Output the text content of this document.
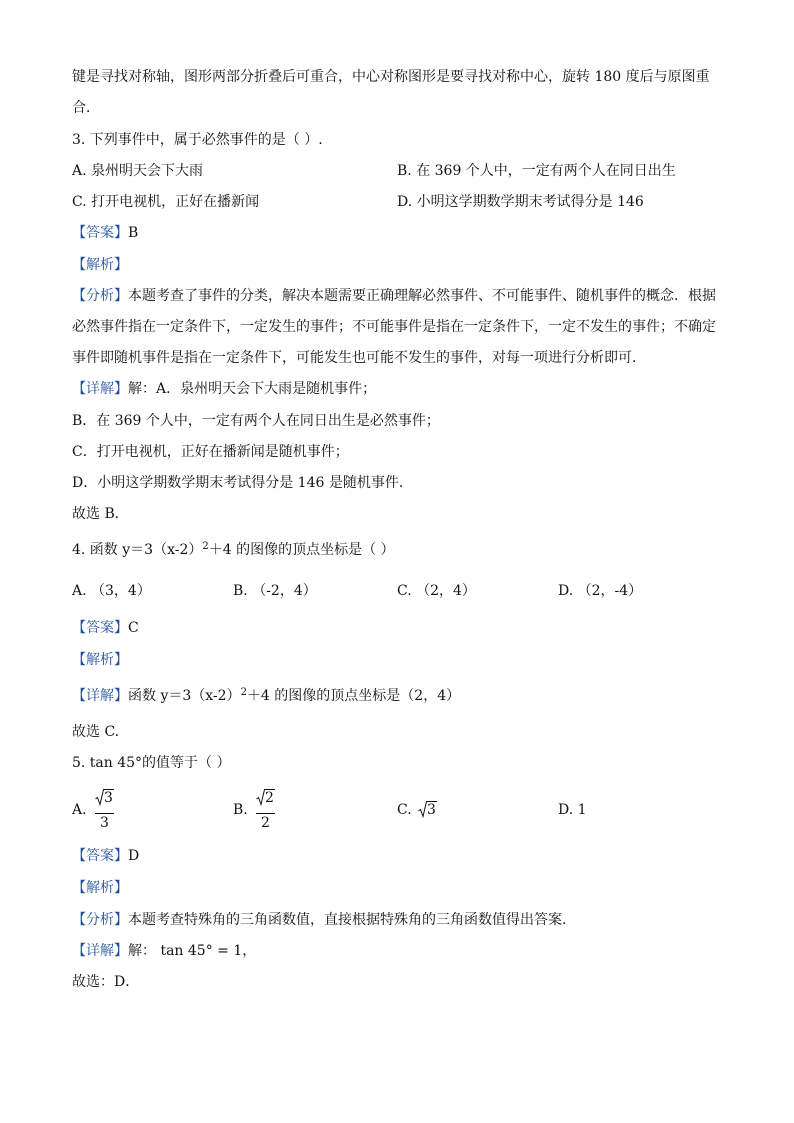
键是寻找对称轴，图形两部分折叠后可重合，中心对称图形是要寻找对称中心，旋转 180 度后与原图重
合．
3. 下列事件中，属于必然事件的是（ ）.
A. 泉州明天会下大雨	B. 在 369 个人中，一定有两个人在同日出生
C. 打开电视机，正好在播新闻	D. 小明这学期数学期末考试得分是 146
【答案】B
【解析】
【分析】本题考查了事件的分类，解决本题需要正确理解必然事件、不可能事件、随机事件的概念．根据
必然事件指在一定条件下，一定发生的事件；不可能事件是指在一定条件下，一定不发生的事件；不确定
事件即随机事件是指在一定条件下，可能发生也可能不发生的事件，对每一项进行分析即可．
【详解】解：A．泉州明天会下大雨是随机事件；
B．在 369 个人中，一定有两个人在同日出生是必然事件；
C．打开电视机，正好在播新闻是随机事件；
D．小明这学期数学期末考试得分是 146 是随机事件．
故选 B．
4. 函数 $y=3(x-2)^2+4$ 的图像的顶点坐标是（ ）
A. （3，4）	B. （-2，4）	C. （2，4）	D. （2，-4）
【答案】C
【解析】
【详解】函数 $y=3(x-2)^2+4$ 的图像的顶点坐标是（2，4）
故选 C.
5. tan 45°的值等于（ ）
A. $\frac{3}{3}$	B. $\frac{2}{2}$	C. 3	D. 1
【答案】D
【解析】
【分析】本题考查特殊角的三角函数值，直接根据特殊角的三角函数值得出答案．
【详解】解： tan 45° = 1，
故选：D．
